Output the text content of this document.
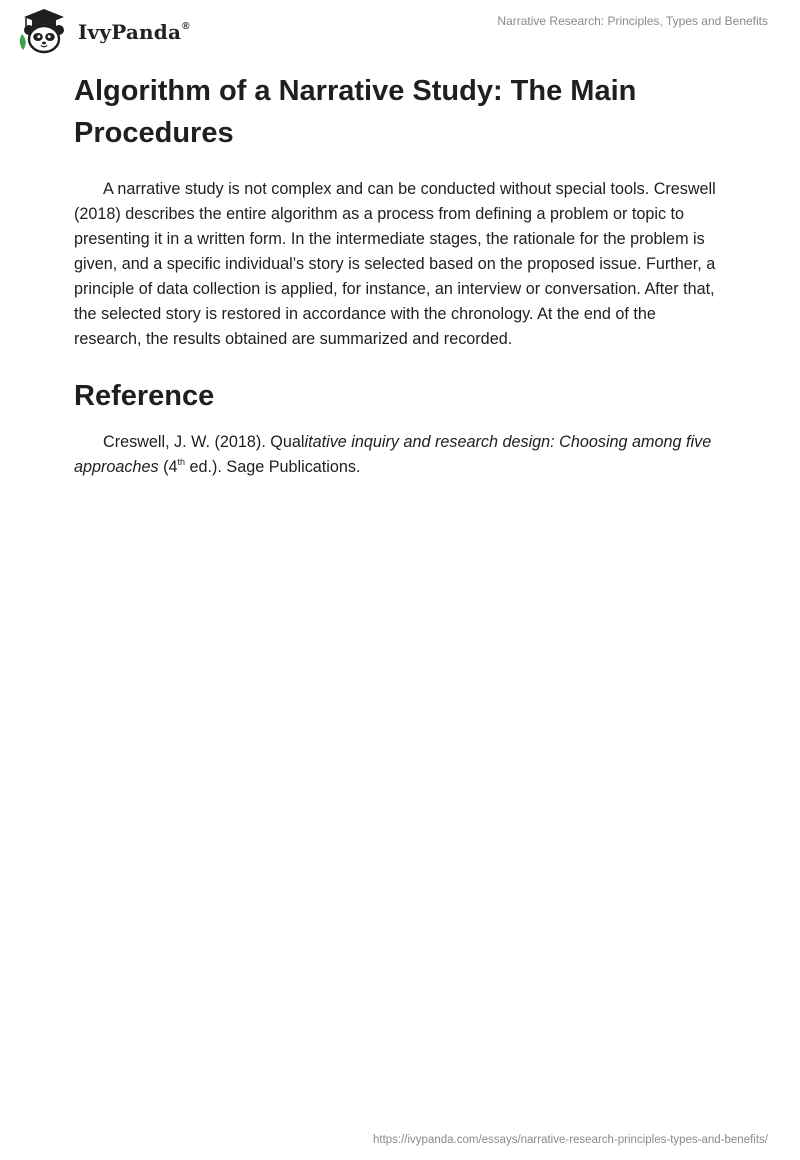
IvyPanda®	Narrative Research: Principles, Types and Benefits
Algorithm of a Narrative Study: The Main Procedures

A narrative study is not complex and can be conducted without special tools. Creswell (2018) describes the entire algorithm as a process from defining a problem or topic to presenting it in a written form. In the intermediate stages, the rationale for the problem is given, and a specific individual’s story is selected based on the proposed issue. Further, a principle of data collection is applied, for instance, an interview or conversation. After that, the selected story is restored in accordance with the chronology. At the end of the research, the results obtained are summarized and recorded.

Reference

Creswell, J. W. (2018). Qualitative inquiry and research design: Choosing among five approaches (4th ed.). Sage Publications.

https://ivypanda.com/essays/narrative-research-principles-types-and-benefits/
